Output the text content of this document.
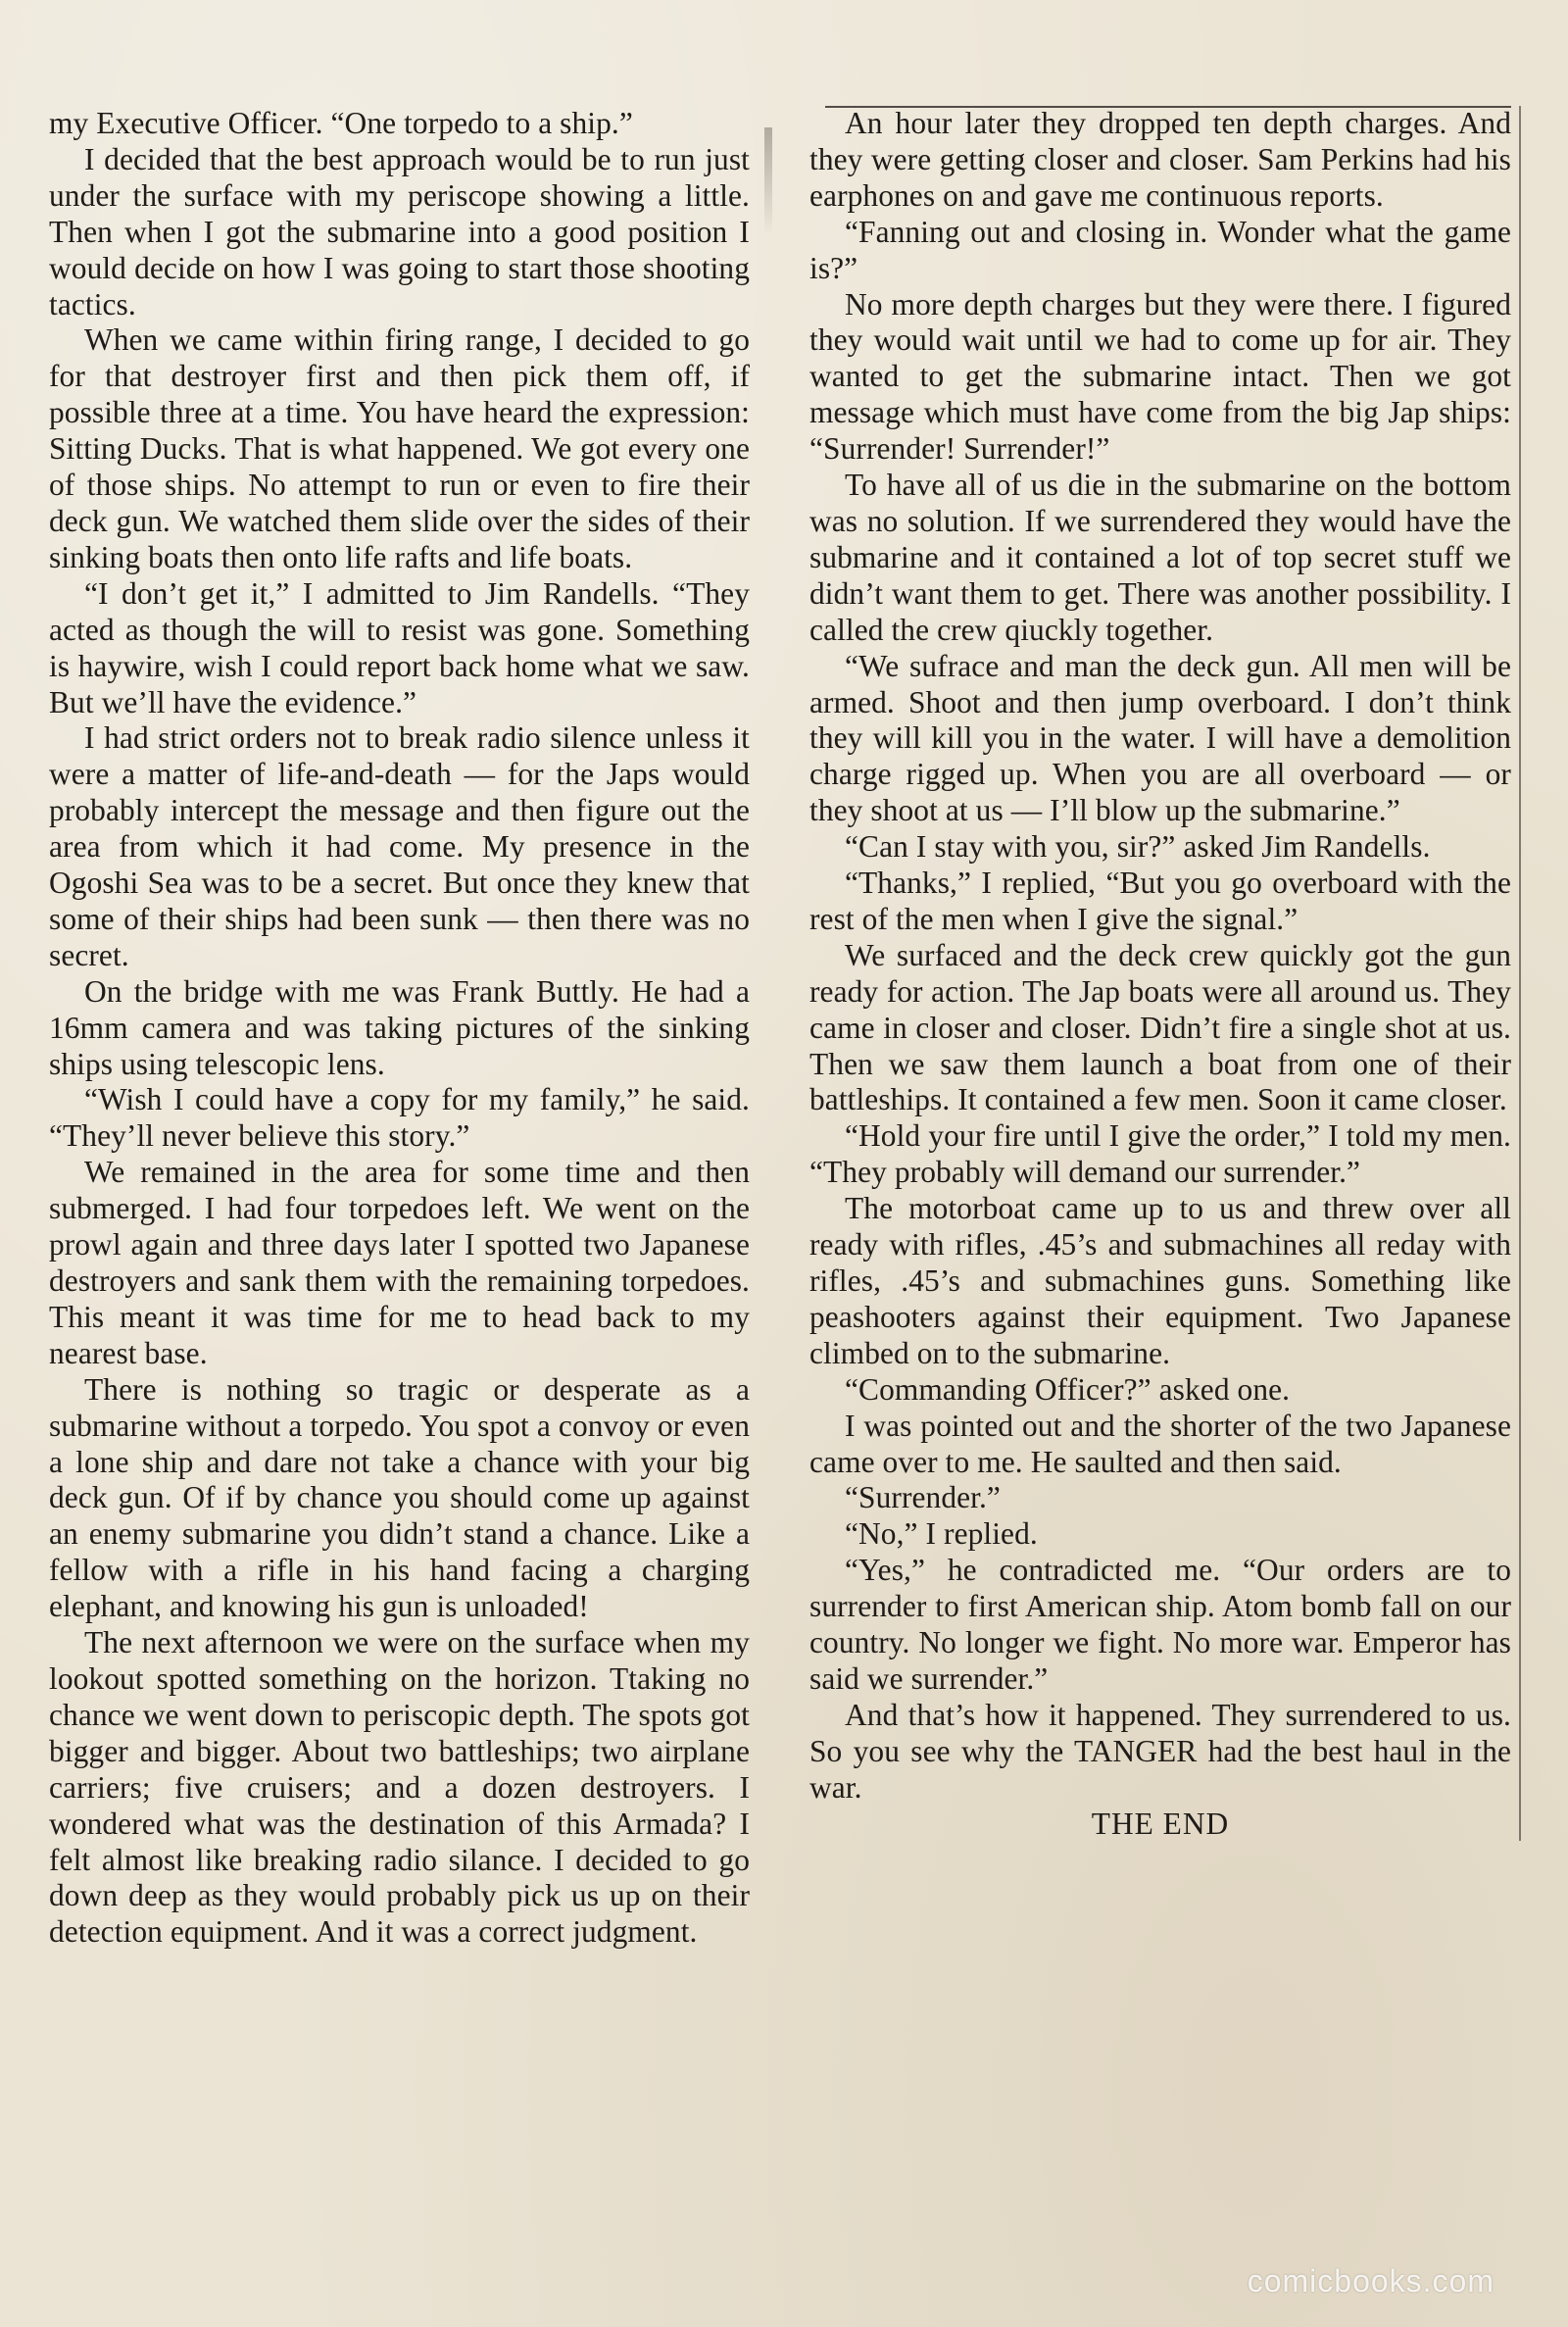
my Executive Officer. “One torpedo to a ship.”

I decided that the best approach would be to run just under the surface with my periscope showing a little. Then when I got the submarine into a good position I would decide on how I was going to start those shooting tactics.

When we came within firing range, I decided to go for that destroyer first and then pick them off, if possible three at a time. You have heard the expression: Sitting Ducks. That is what happened. We got every one of those ships. No attempt to run or even to fire their deck gun. We watched them slide over the sides of their sinking boats then onto life rafts and life boats.

“I don’t get it,” I admitted to Jim Randells. “They acted as though the will to resist was gone. Something is haywire, wish I could report back home what we saw. But we’ll have the evidence.”

I had strict orders not to break radio silence unless it were a matter of life-and-death — for the Japs would probably intercept the message and then figure out the area from which it had come. My presence in the Ogoshi Sea was to be a secret. But once they knew that some of their ships had been sunk — then there was no secret.

On the bridge with me was Frank Buttly. He had a 16mm camera and was taking pictures of the sinking ships using telescopic lens.

“Wish I could have a copy for my family,” he said. “They’ll never believe this story.”

We remained in the area for some time and then submerged. I had four torpedoes left. We went on the prowl again and three days later I spotted two Japanese destroyers and sank them with the remaining torpedoes. This meant it was time for me to head back to my nearest base.

There is nothing so tragic or desperate as a submarine without a torpedo. You spot a convoy or even a lone ship and dare not take a chance with your big deck gun. Of if by chance you should come up against an enemy submarine you didn’t stand a chance. Like a fellow with a rifle in his hand facing a charging elephant, and knowing his gun is unloaded!

The next afternoon we were on the surface when my lookout spotted something on the horizon. Ttaking no chance we went down to periscopic depth. The spots got bigger and bigger. About two battleships; two airplane carriers; five cruisers; and a dozen destroyers. I wondered what was the destination of this Armada? I felt almost like breaking radio silance. I decided to go down deep as they would probably pick us up on their detection equipment. And it was a correct judgment.

An hour later they dropped ten depth charges. And they were getting closer and closer. Sam Perkins had his earphones on and gave me continuous reports.

“Fanning out and closing in. Wonder what the game is?”

No more depth charges but they were there. I figured they would wait until we had to come up for air. They wanted to get the submarine intact. Then we got message which must have come from the big Jap ships: “Surrender! Surrender!”

To have all of us die in the submarine on the bottom was no solution. If we surrendered they would have the submarine and it contained a lot of top secret stuff we didn’t want them to get. There was another possibility. I called the crew qiuckly together.

“We sufrace and man the deck gun. All men will be armed. Shoot and then jump overboard. I don’t think they will kill you in the water. I will have a demolition charge rigged up. When you are all overboard — or they shoot at us — I’ll blow up the submarine.”

“Can I stay with you, sir?” asked Jim Randells.

“Thanks,” I replied, “But you go overboard with the rest of the men when I give the signal.”

We surfaced and the deck crew quickly got the gun ready for action. The Jap boats were all around us. They came in closer and closer. Didn’t fire a single shot at us. Then we saw them launch a boat from one of their battleships. It contained a few men. Soon it came closer.

“Hold your fire until I give the order,” I told my men. “They probably will demand our surrender.”

The motorboat came up to us and threw over all ready with rifles, .45’s and submachines all reday with rifles, .45’s and submachines guns. Something like peashooters against their equipment. Two Japanese climbed on to the submarine.

“Commanding Officer?” asked one.

I was pointed out and the shorter of the two Japanese came over to me. He saulted and then said.

“Surrender.”

“No,” I replied.

“Yes,” he contradicted me. “Our orders are to surrender to first American ship. Atom bomb fall on our country. No longer we fight. No more war. Emperor has said we surrender.”

And that’s how it happened. They surrendered to us. So you see why the TANGER had the best haul in the war.

THE END

comicbooks.com
